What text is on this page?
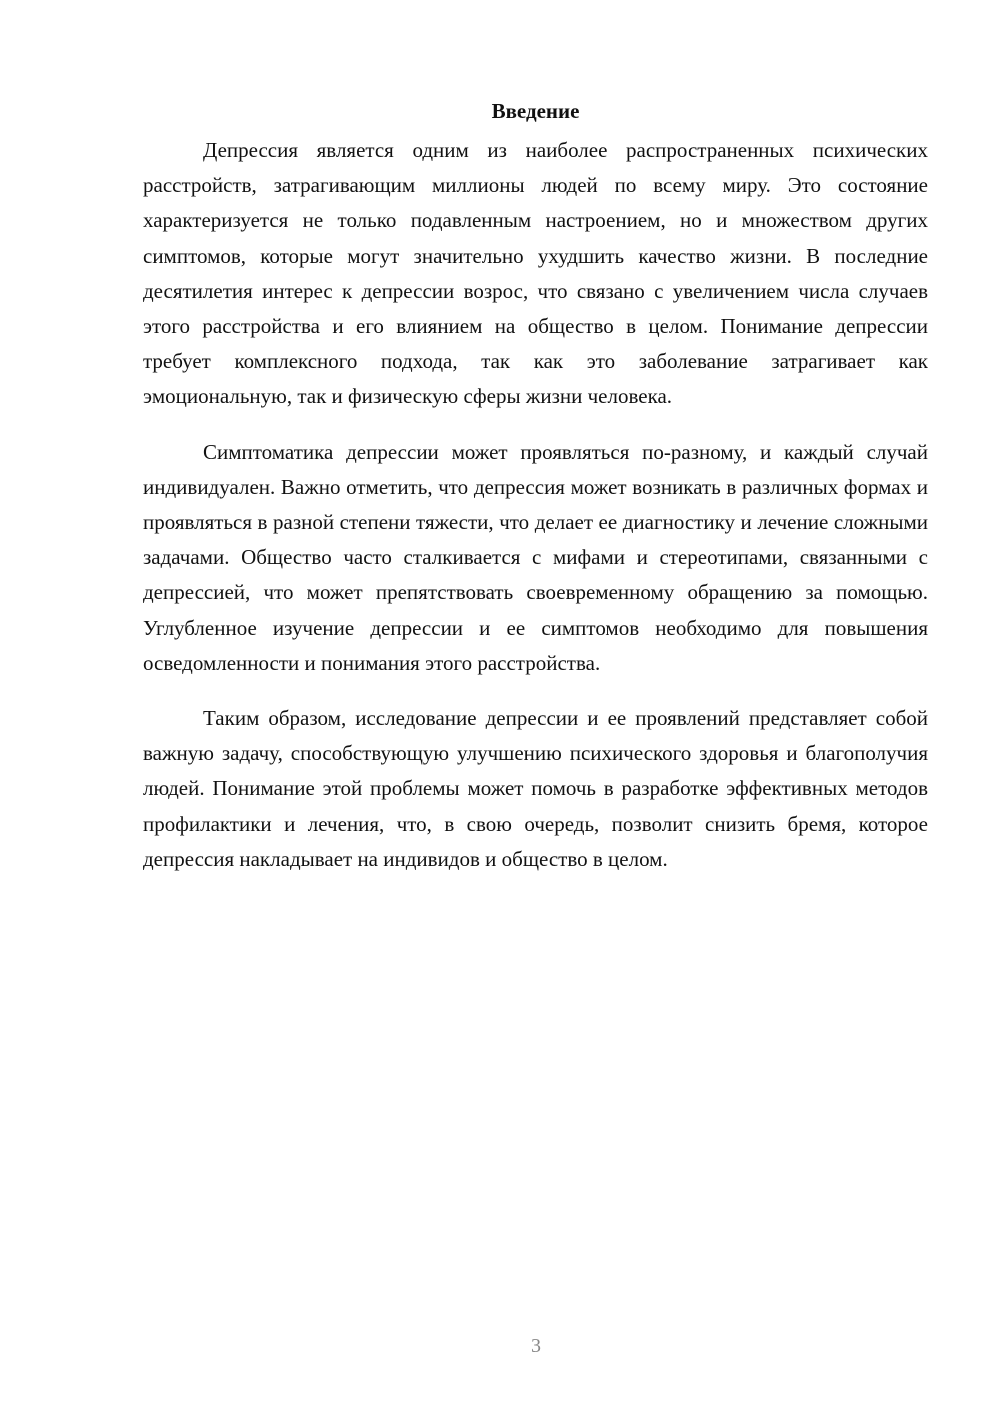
Введение

Депрессия является одним из наиболее распространенных психических расстройств, затрагивающим миллионы людей по всему миру. Это состояние характеризуется не только подавленным настроением, но и множеством других симптомов, которые могут значительно ухудшить качество жизни. В последние десятилетия интерес к депрессии возрос, что связано с увеличением числа случаев этого расстройства и его влиянием на общество в целом. Понимание депрессии требует комплексного подхода, так как это заболевание затрагивает как эмоциональную, так и физическую сферы жизни человека.

Симптоматика депрессии может проявляться по-разному, и каждый случай индивидуален. Важно отметить, что депрессия может возникать в различных формах и проявляться в разной степени тяжести, что делает ее диагностику и лечение сложными задачами. Общество часто сталкивается с мифами и стереотипами, связанными с депрессией, что может препятствовать своевременному обращению за помощью. Углубленное изучение депрессии и ее симптомов необходимо для повышения осведомленности и понимания этого расстройства.

Таким образом, исследование депрессии и ее проявлений представляет собой важную задачу, способствующую улучшению психического здоровья и благополучия людей. Понимание этой проблемы может помочь в разработке эффективных методов профилактики и лечения, что, в свою очередь, позволит снизить бремя, которое депрессия накладывает на индивидов и общество в целом.

3
